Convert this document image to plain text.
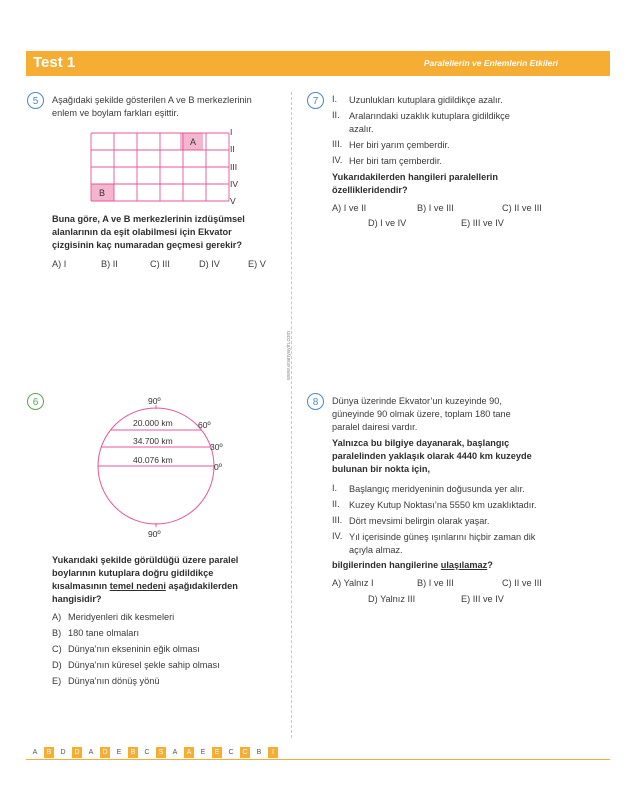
Test 1	Paralellerin ve Enlemlerin Etkileri
www.eranyayin.com
5	Aşağıdaki şekilde gösterilen A ve B merkezlerinin
enlem ve boylam farkları eşittir.
A
B
I
II
III
IV
V
Buna göre, A ve B merkezlerinin izdüşümsel
alanlarının da eşit olabilmesi için Ekvator
çizgisinin kaç numaradan geçmesi gerekir?
A) I	B) II	C) III	D) IV	E) V
6	90º
90º
60º
30º
0º
20.000 km
34.700 km
40.076 km
Yukarıdaki şekilde görüldüğü üzere paralel
boylarının kutuplara doğru gidildikçe
kısalmasının temel nedeni aşağıdakilerden
hangisidir?
A) Meridyenleri dik kesmeleri
B) 180 tane olmaları
C) Dünya’nın ekseninin eğik olması
D) Dünya’nın küresel şekle sahip olması
E) Dünya’nın dönüş yönü
7	I. Uzunlukları kutuplara gidildikçe azalır.
II. Aralarındaki uzaklık kutuplara gidildikçe
azalır.
III. Her biri yarım çemberdir.
IV. Her biri tam çemberdir.
Yukarıdakilerden hangileri paralellerin
özellikleridendir?
A) I ve II	B) I ve III	C) II ve III
D) I ve IV	E) III ve IV
8	Dünya üzerinde Ekvator’un kuzeyinde 90,
güneyinde 90 olmak üzere, toplam 180 tane
paralel dairesi vardır.
Yalnızca bu bilgiye dayanarak, başlangıç
paralelinden yaklaşık olarak 4440 km kuzeyde
bulunan bir nokta için,
I. Başlangıç meridyeninin doğusunda yer alır.
II. Kuzey Kutup Noktası’na 5550 km uzaklıktadır.
III. Dört mevsimi belirgin olarak yaşar.
IV. Yıl içerisinde güneş ışınlarını hiçbir zaman dik
açıyla almaz.
bilgilerinden hangilerine ulaşılamaz?
A) Yalnız I	B) I ve III	C) II ve III
D) Yalnız III	E) III ve IV
A	B	D	D	A	D	E	B	C	S	A	A	E	E	C	C	B	I
